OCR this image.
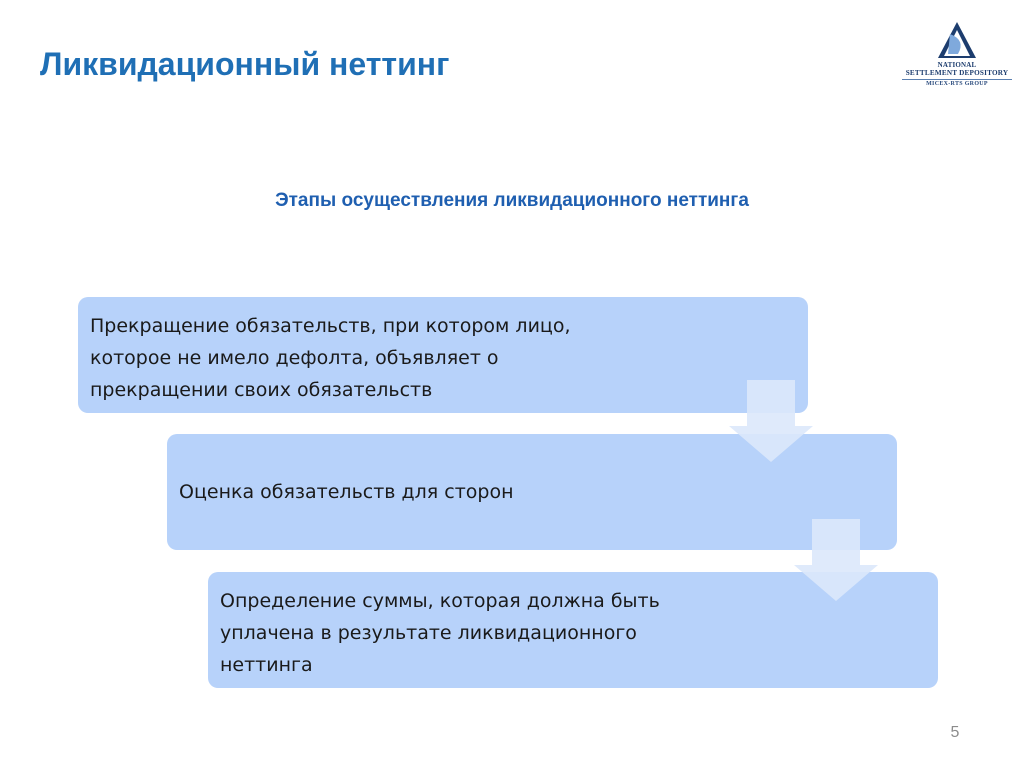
Ликвидационный неттинг	NATIONAL
SETTLEMENT DEPOSITORY
MICEX-RTS GROUP
Этапы осуществления ликвидационного неттинга
Прекращение обязательств, при котором лицо,
которое не имело дефолта, объявляет о
прекращении своих обязательств
Оценка обязательств для сторон
Определение суммы, которая должна быть
уплачена в результате ликвидационного
неттинга
5
